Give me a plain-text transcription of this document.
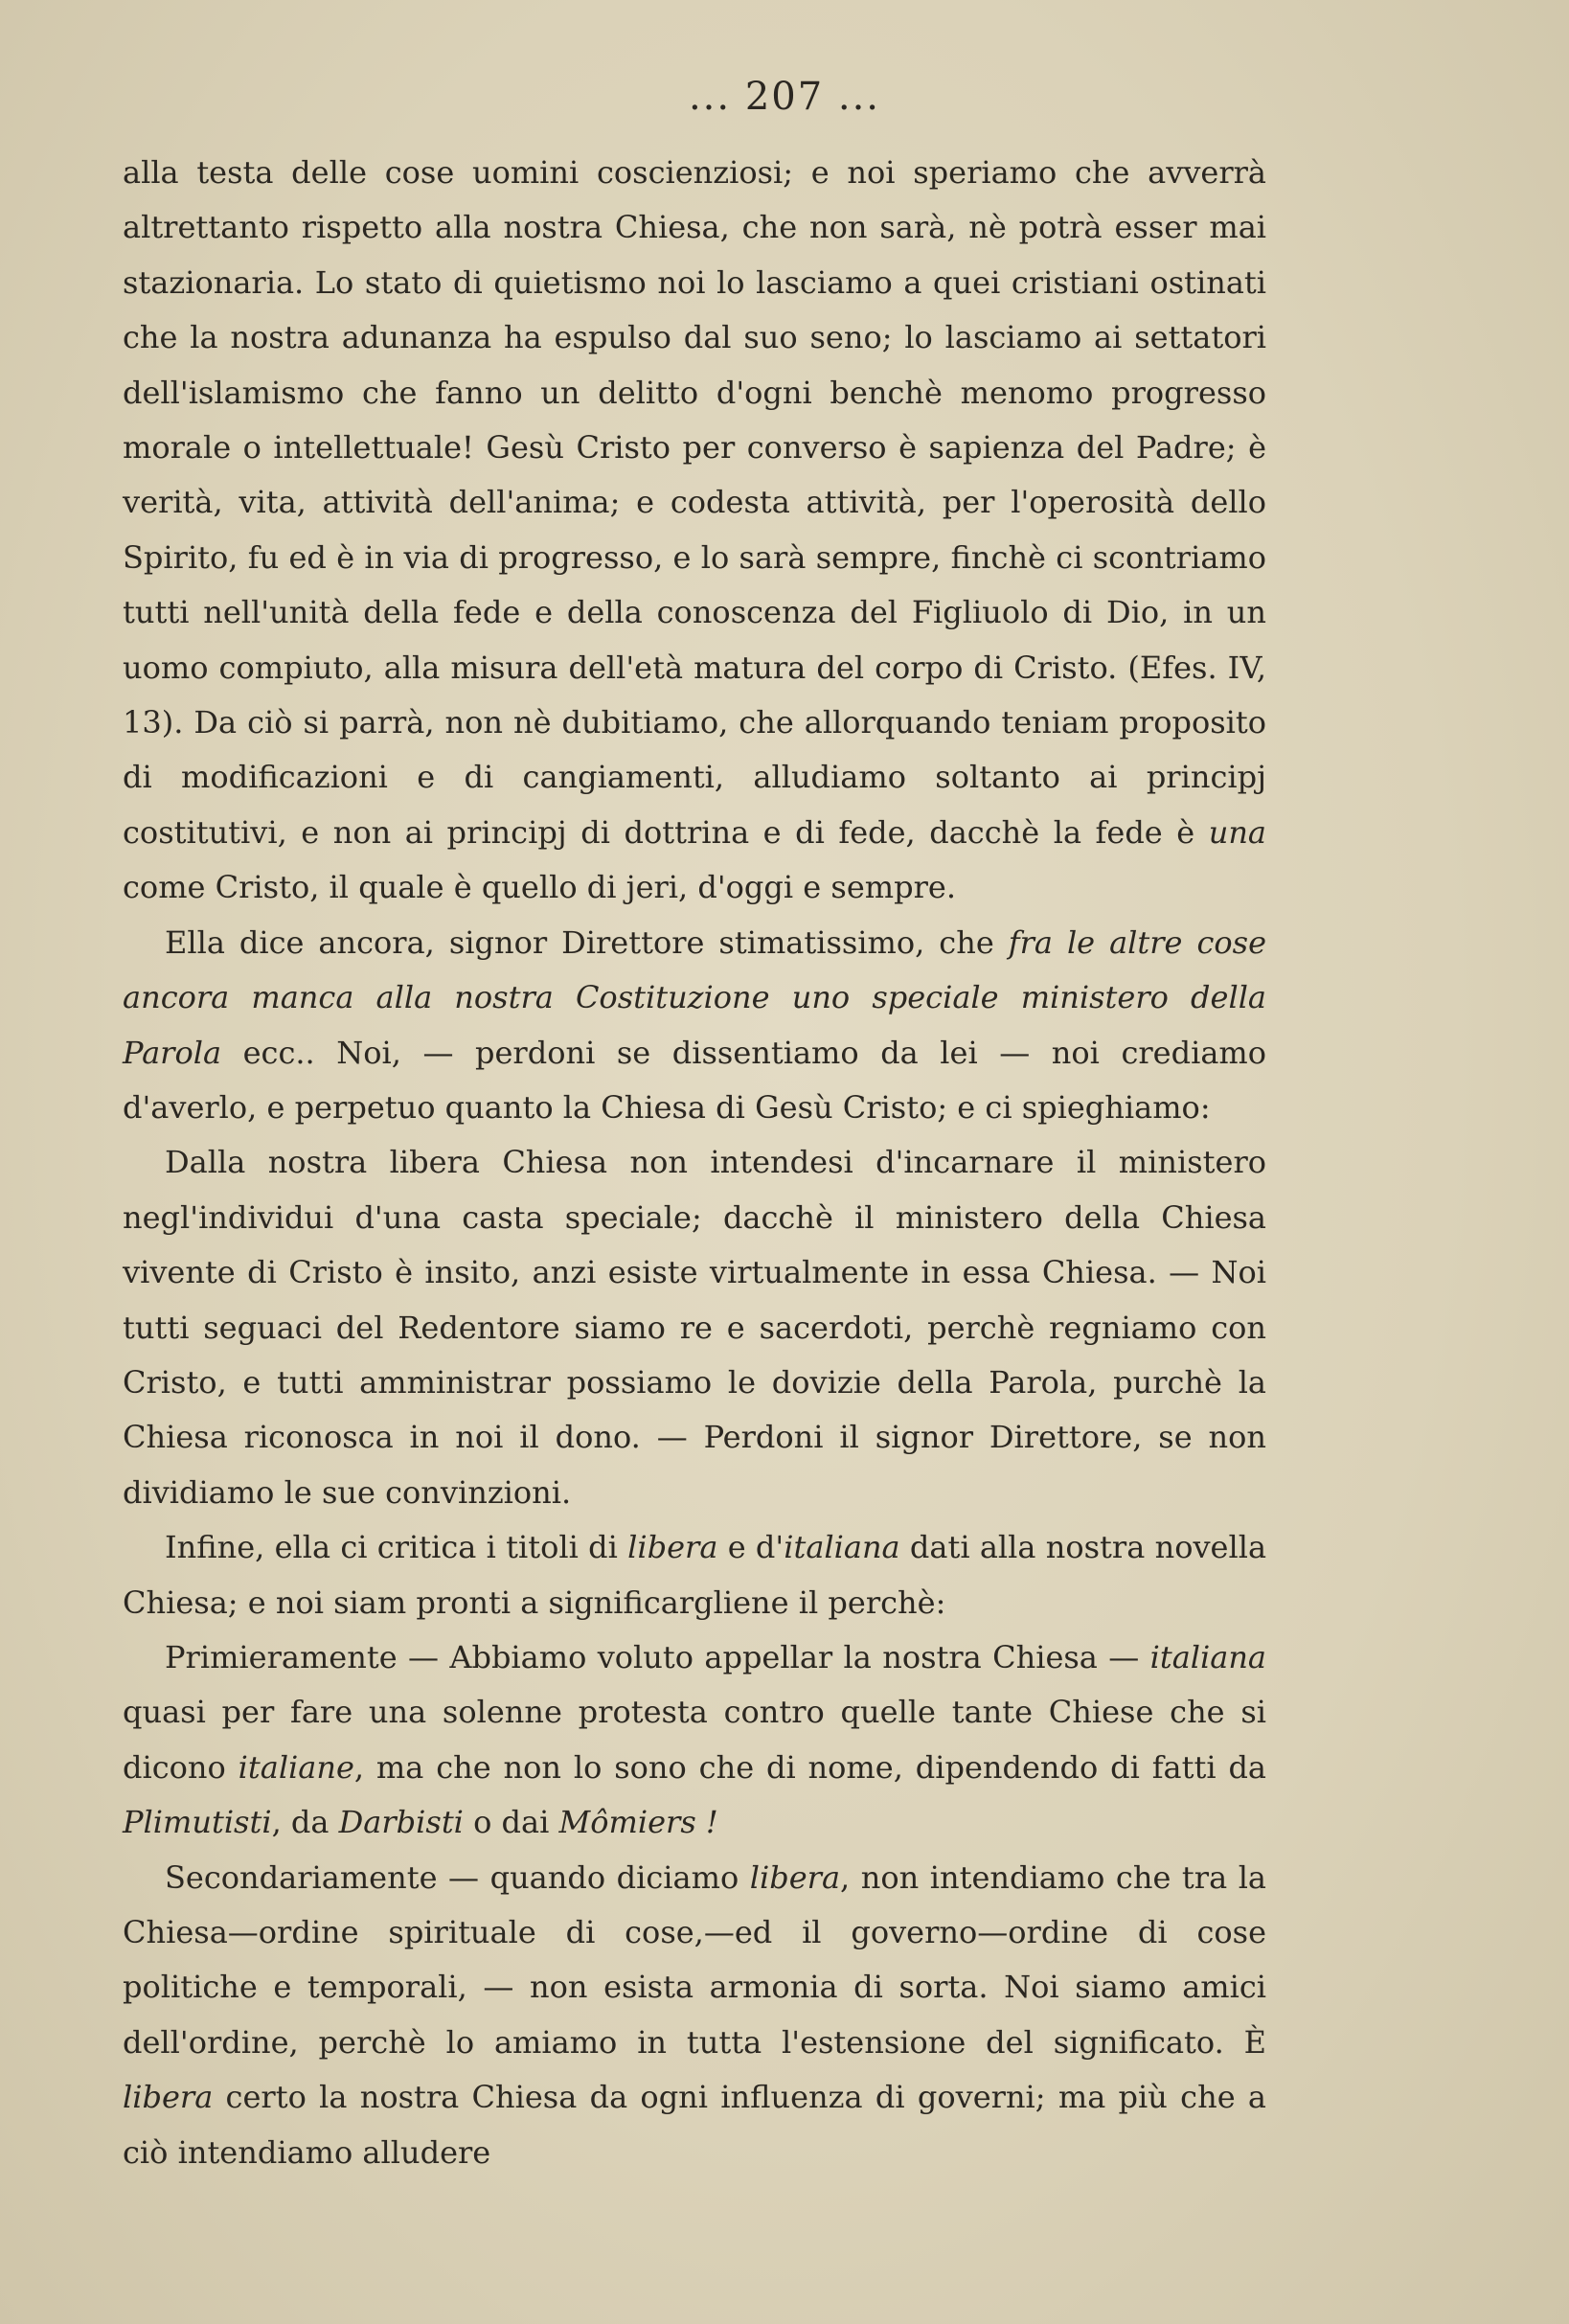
... 207 ...

alla testa delle cose uomini coscienziosi; e noi speriamo che avverrà altrettanto rispetto alla nostra Chiesa, che non sarà, nè potrà esser mai stazionaria. Lo stato di quietismo noi lo lasciamo a quei cristiani ostinati che la nostra adunanza ha espulso dal suo seno; lo lasciamo ai settatori dell'islamismo che fanno un delitto d'ogni benchè menomo progresso morale o intellettuale! Gesù Cristo per converso è sapienza del Padre; è verità, vita, attività dell'anima; e codesta attività, per l'operosità dello Spirito, fu ed è in via di progresso, e lo sarà sempre, finchè ci scontriamo tutti nell'unità della fede e della conoscenza del Figliuolo di Dio, in un uomo compiuto, alla misura dell'età matura del corpo di Cristo. (Efes. IV, 13). Da ciò si parrà, non nè dubitiamo, che allorquando teniam proposito di modificazioni e di cangiamenti, alludiamo soltanto ai principj costitutivi, e non ai principj di dottrina e di fede, dacchè la fede è una come Cristo, il quale è quello di jeri, d'oggi e sempre.

Ella dice ancora, signor Direttore stimatissimo, che fra le altre cose ancora manca alla nostra Costituzione uno speciale ministero della Parola ecc.. Noi, — perdoni se dissentiamo da lei — noi crediamo d'averlo, e perpetuo quanto la Chiesa di Gesù Cristo; e ci spieghiamo:

Dalla nostra libera Chiesa non intendesi d'incarnare il ministero negl'individui d'una casta speciale; dacchè il ministero della Chiesa vivente di Cristo è insito, anzi esiste virtualmente in essa Chiesa. — Noi tutti seguaci del Redentore siamo re e sacerdoti, perchè regniamo con Cristo, e tutti amministrar possiamo le dovizie della Parola, purchè la Chiesa riconosca in noi il dono. — Perdoni il signor Direttore, se non dividiamo le sue convinzioni.

Infine, ella ci critica i titoli di libera e d'italiana dati alla nostra novella Chiesa; e noi siam pronti a significargliene il perchè:

Primieramente — Abbiamo voluto appellar la nostra Chiesa — italiana quasi per fare una solenne protesta contro quelle tante Chiese che si dicono italiane, ma che non lo sono che di nome, dipendendo di fatti da Plimutisti, da Darbisti o dai Mômiers !

Secondariamente — quando diciamo libera, non intendiamo che tra la Chiesa—ordine spirituale di cose,—ed il governo—ordine di cose politiche e temporali, — non esista armonia di sorta. Noi siamo amici dell'ordine, perchè lo amiamo in tutta l'estensione del significato. È libera certo la nostra Chiesa da ogni influenza di governi; ma più che a ciò intendiamo alludere
